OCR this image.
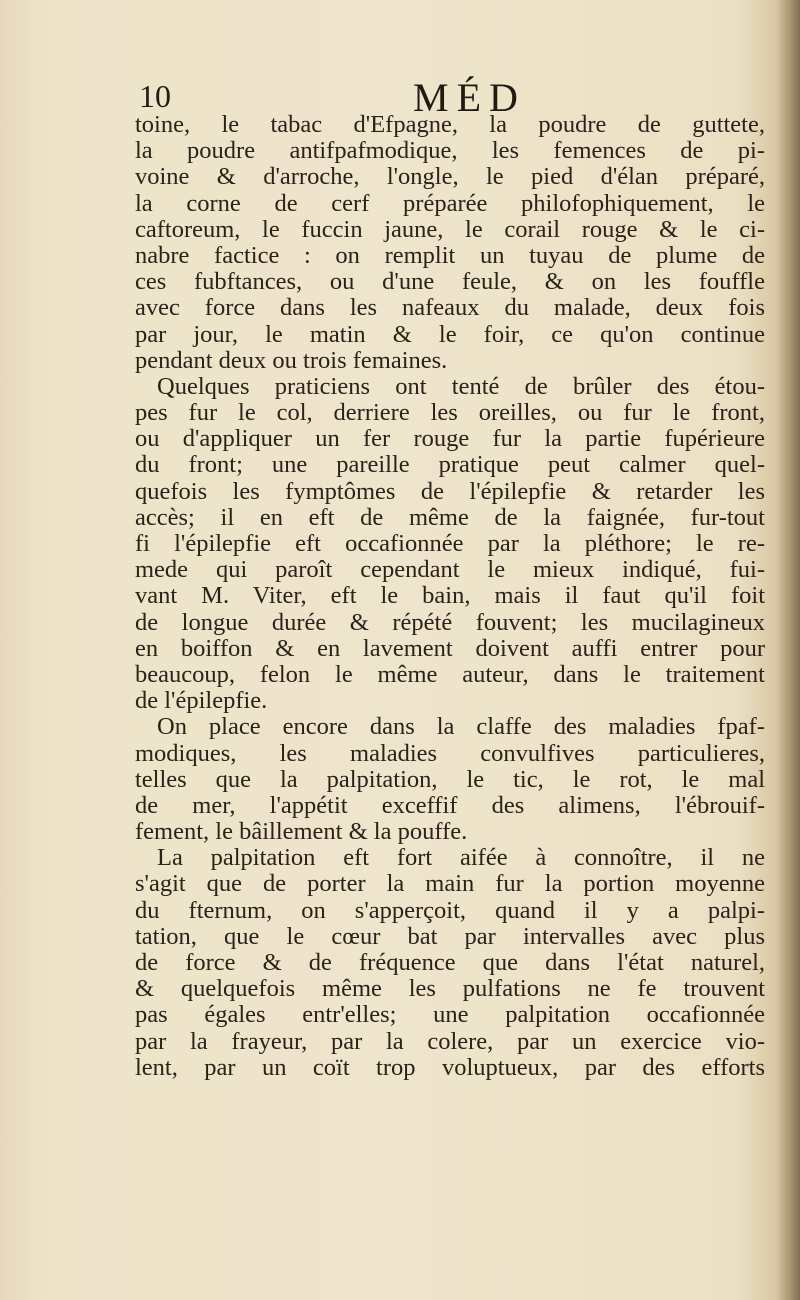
10	MÉD
toine, le tabac d'Efpagne, la poudre de guttete,
la poudre antifpafmodique, les femences de pi-
voine & d'arroche, l'ongle, le pied d'élan préparé,
la corne de cerf préparée philofophiquement, le
caftoreum, le fuccin jaune, le corail rouge & le ci-
nabre factice : on remplit un tuyau de plume de
ces fubftances, ou d'une feule, & on les fouffle
avec force dans les nafeaux du malade, deux fois
par jour, le matin & le foir, ce qu'on continue
pendant deux ou trois femaines.
Quelques praticiens ont tenté de brûler des étou-
pes fur le col, derriere les oreilles, ou fur le front,
ou d'appliquer un fer rouge fur la partie fupérieure
du front; une pareille pratique peut calmer quel-
quefois les fymptômes de l'épilepfie & retarder les
accès; il en eft de même de la faignée, fur-tout
fi l'épilepfie eft occafionnée par la pléthore; le re-
mede qui paroît cependant le mieux indiqué, fui-
vant M. Viter, eft le bain, mais il faut qu'il foit
de longue durée & répété fouvent; les mucilagineux
en boiffon & en lavement doivent auffi entrer pour
beaucoup, felon le même auteur, dans le traitement
de l'épilepfie.
On place encore dans la claffe des maladies fpaf-
modiques, les maladies convulfives particulieres,
telles que la palpitation, le tic, le rot, le mal
de mer, l'appétit exceffif des alimens, l'ébrouif-
fement, le bâillement & la pouffe.
La palpitation eft fort aifée à connoître, il ne
s'agit que de porter la main fur la portion moyenne
du fternum, on s'apperçoit, quand il y a palpi-
tation, que le cœur bat par intervalles avec plus
de force & de fréquence que dans l'état naturel,
& quelquefois même les pulfations ne fe trouvent
pas égales entr'elles; une palpitation occafionnée
par la frayeur, par la colere, par un exercice vio-
lent, par un coït trop voluptueux, par des efforts
